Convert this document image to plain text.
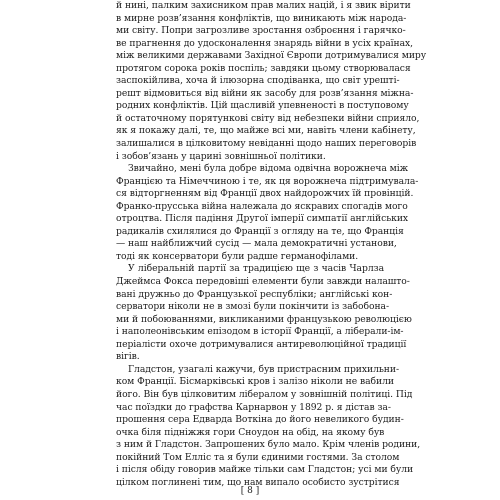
й нині, палким захисником прав малих націй, і я звик вірити
в мирне розв’язання конфліктів, що виникають між народа-
ми світу. Попри загрозливе зростання озброєння і гарячко-
ве прагнення до удосконалення знарядь війни в усіх країнах,
між великими державами Західної Європи дотримувалися миру
протягом сорока років поспіль; завдяки цьому створювалася
заспокійлива, хоча й ілюзорна сподіванка, що світ урешті-
решт відмовиться від війни як засобу для розв’язання міжна-
родних конфліктів. Цій щасливій упевненості в поступовому
й остаточному порятункові світу від небезпеки війни сприяло,
як я покажу далі, те, що майже всі ми, навіть члени кабінету,
залишалися в цілковитому невіданні щодо наших переговорів
і зобов’язань у царині зовнішньої політики.
Звичайно, мені була добре відома одвічна ворожнеча між
Францією та Німеччиною і те, як ця ворожнеча підтримувала-
ся відторгненням від Франції двох найдорожчих їй провінцій.
Франко-прусська війна належала до яскравих спогадів мого
отроцтва. Після падіння Другої імперії симпатії англійських
радикалів схилялися до Франції з огляду на те, що Франція
— наш найближчий сусід — мала демократичні установи,
тоді як консерватори були радше германофілами.
У ліберальній партії за традицією ще з часів Чарлза
Джеймса Фокса передовіші елементи були завжди налашто-
вані дружньо до Французької республіки; англійські кон-
серватори ніколи не в змозі були покінчити із забобона-
ми й побоюваннями, викликаними французькою революцією
і наполеонівським епізодом в історії Франції, а ліберали-ім-
періалісти охоче дотримувалися антиреволюційної традиції
вігів.
Гладстон, узагалі кажучи, був пристрасним прихильни-
ком Франції. Бісмарківські кров і залізо ніколи не вабили
його. Він був цілковитим лібералом у зовнішній політиці. Під
час поїздки до графства Карнарвон у 1892 р. я дістав за-
прошення сера Едварда Воткіна до його невеликого будин-
очка біля підніжжя гори Сноудон на обід, на якому був
з ним й Гладстон. Запрошених було мало. Крім членів родини,
покійний Том Елліс та я були єдиними гостями. За столом
і після обіду говорив майже тільки сам Гладстон; усі ми були
цілком поглинені тим, що нам випало особисто зустрітися
[ 8 ]
